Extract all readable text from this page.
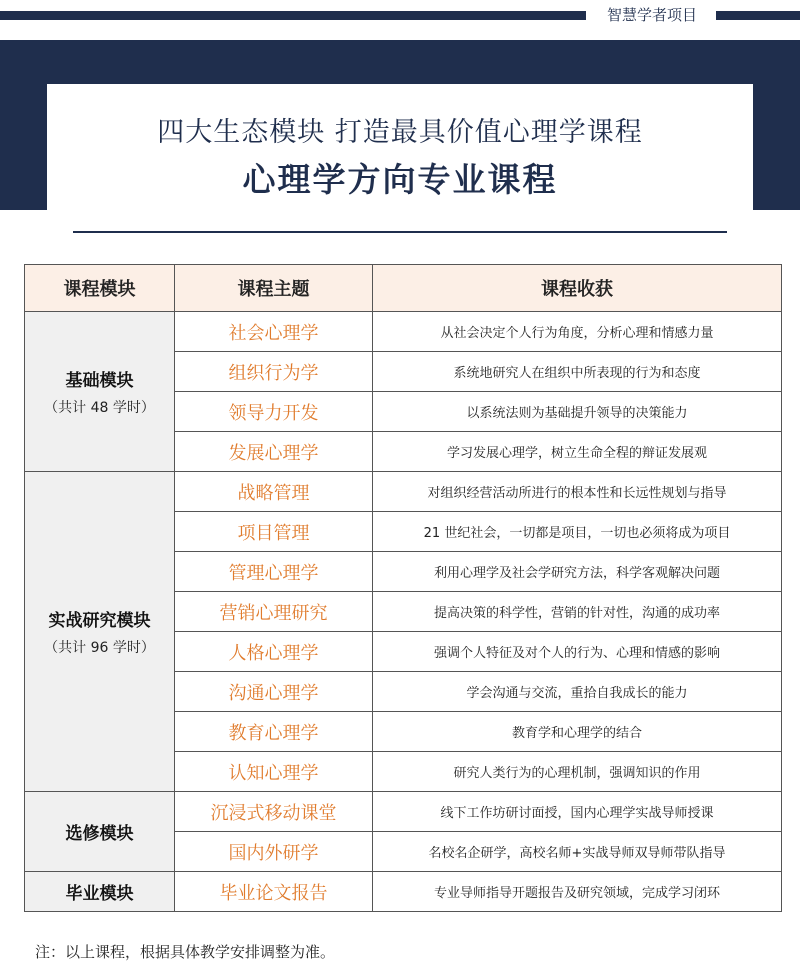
智慧学者项目
四大生态模块 打造最具价值心理学课程
心理学方向专业课程
课程模块	课程主题	课程收获

基础模块
（共计 48 学时）	社会心理学	从社会决定个人行为角度，分析心理和情感力量
	组织行为学	系统地研究人在组织中所表现的行为和态度
	领导力开发	以系统法则为基础提升领导的决策能力
	发展心理学	学习发展心理学，树立生命全程的辩证发展观

实战研究模块
（共计 96 学时）	战略管理	对组织经营活动所进行的根本性和长远性规划与指导
	项目管理	21 世纪社会，一切都是项目，一切也必须将成为项目
	管理心理学	利用心理学及社会学研究方法，科学客观解决问题
	营销心理研究	提高决策的科学性，营销的针对性，沟通的成功率
	人格心理学	强调个人特征及对个人的行为、心理和情感的影响
	沟通心理学	学会沟通与交流，重拾自我成长的能力
	教育心理学	教育学和心理学的结合
	认知心理学	研究人类行为的心理机制，强调知识的作用

选修模块	沉浸式移动课堂	线下工作坊研讨面授，国内心理学实战导师授课
	国内外研学	名校名企研学，高校名师+实战导师双导师带队指导

毕业模块	毕业论文报告	专业导师指导开题报告及研究领域，完成学习闭环
注：以上课程，根据具体教学安排调整为准。
